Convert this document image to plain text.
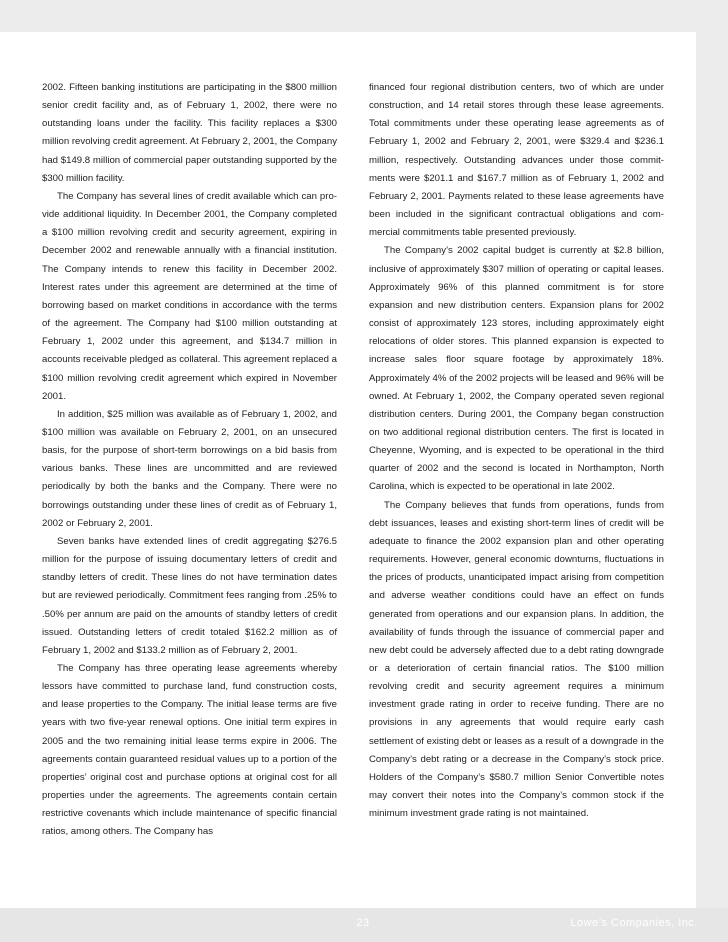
2002. Fifteen banking institutions are participating in the $800 million senior credit facility and, as of February 1, 2002, there were no outstanding loans under the facility. This facility replaces a $300 million revolving credit agreement. At February 2, 2001, the Company had $149.8 million of commercial paper outstanding supported by the $300 million facility.

The Company has several lines of credit available which can provide additional liquidity. In December 2001, the Company completed a $100 million revolving credit and security agreement, expiring in December 2002 and renewable annually with a financial institution. The Company intends to renew this facility in December 2002. Interest rates under this agreement are determined at the time of borrowing based on market conditions in accordance with the terms of the agreement. The Company had $100 million outstanding at February 1, 2002 under this agreement, and $134.7 million in accounts receivable pledged as collateral. This agreement replaced a $100 million revolving credit agreement which expired in November 2001.

In addition, $25 million was available as of February 1, 2002, and $100 million was available on February 2, 2001, on an unsecured basis, for the purpose of short-term borrowings on a bid basis from various banks. These lines are uncommitted and are reviewed periodically by both the banks and the Company. There were no borrowings outstanding under these lines of credit as of February 1, 2002 or February 2, 2001.

Seven banks have extended lines of credit aggregating $276.5 million for the purpose of issuing documentary letters of credit and standby letters of credit. These lines do not have termination dates but are reviewed periodically. Commitment fees ranging from .25% to .50% per annum are paid on the amounts of standby letters of credit issued. Outstanding letters of credit totaled $162.2 million as of February 1, 2002 and $133.2 million as of February 2, 2001.

The Company has three operating lease agreements whereby lessors have committed to purchase land, fund construction costs, and lease properties to the Company. The initial lease terms are five years with two five-year renewal options. One initial term expires in 2005 and the two remaining initial lease terms expire in 2006. The agreements contain guaranteed residual values up to a portion of the properties’ original cost and purchase options at original cost for all properties under the agreements. The agreements contain certain restrictive covenants which include maintenance of specific financial ratios, among others. The Company has

financed four regional distribution centers, two of which are under construction, and 14 retail stores through these lease agreements. Total commitments under these operating lease agreements as of February 1, 2002 and February 2, 2001, were $329.4 and $236.1 million, respectively. Outstanding advances under those commitments were $201.1 and $167.7 million as of February 1, 2002 and February 2, 2001. Payments related to these lease agreements have been included in the significant contractual obligations and commercial commitments table presented previously.

The Company’s 2002 capital budget is currently at $2.8 billion, inclusive of approximately $307 million of operating or capital leases. Approximately 96% of this planned commitment is for store expansion and new distribution centers. Expansion plans for 2002 consist of approximately 123 stores, including approximately eight relocations of older stores. This planned expansion is expected to increase sales floor square footage by approximately 18%. Approximately 4% of the 2002 projects will be leased and 96% will be owned. At February 1, 2002, the Company operated seven regional distribution centers. During 2001, the Company began construction on two additional regional distribution centers. The first is located in Cheyenne, Wyoming, and is expected to be operational in the third quarter of 2002 and the second is located in Northampton, North Carolina, which is expected to be operational in late 2002.

The Company believes that funds from operations, funds from debt issuances, leases and existing short-term lines of credit will be adequate to finance the 2002 expansion plan and other operating requirements. However, general economic downturns, fluctuations in the prices of products, unanticipated impact arising from competition and adverse weather conditions could have an effect on funds generated from operations and our expansion plans. In addition, the availability of funds through the issuance of commercial paper and new debt could be adversely affected due to a debt rating downgrade or a deterioration of certain financial ratios. The $100 million revolving credit and security agreement requires a minimum investment grade rating in order to receive funding. There are no provisions in any agreements that would require early cash settlement of existing debt or leases as a result of a downgrade in the Company’s debt rating or a decrease in the Company’s stock price. Holders of the Company’s $580.7 million Senior Convertible notes may convert their notes into the Company’s common stock if the minimum investment grade rating is not maintained.

23	Lowe’s Companies, Inc.
